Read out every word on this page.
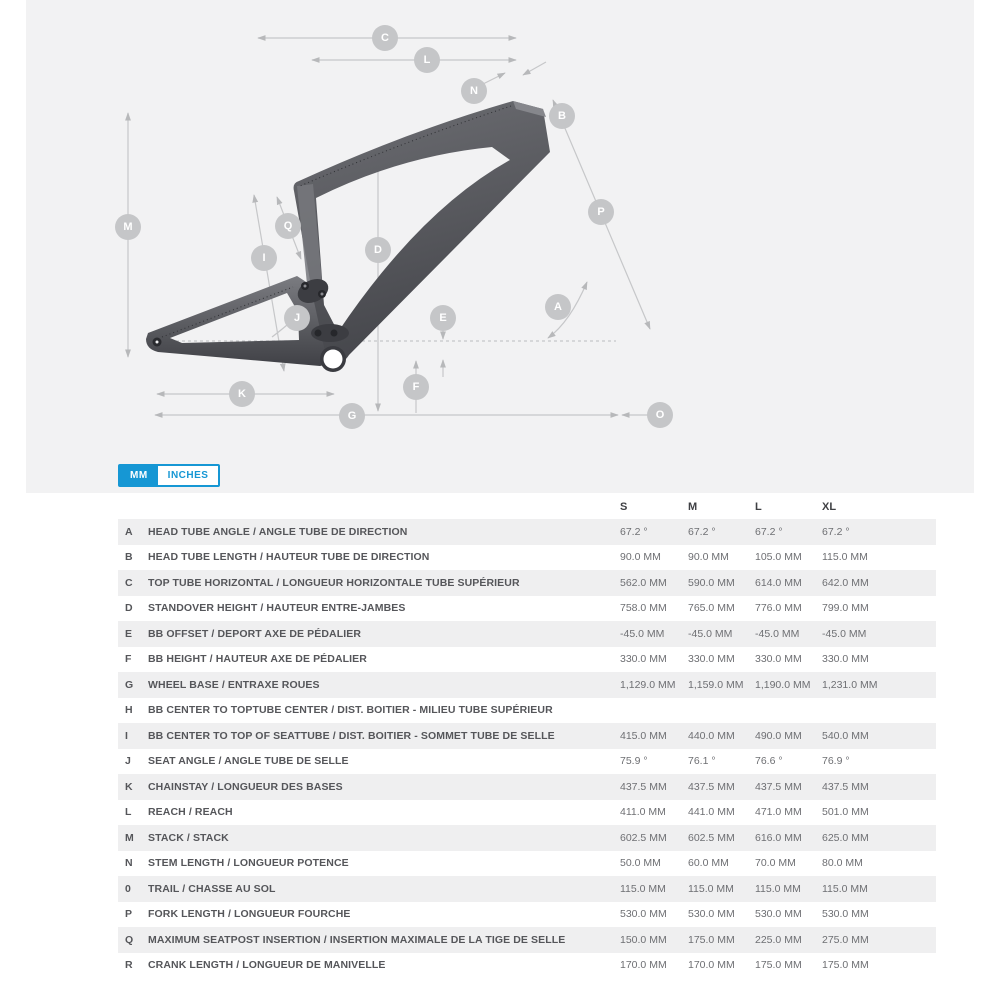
C
L
N
B
P
M	Q
D
I
A
J	E
F
K
G	O
MM	INCHES
S	M	L	XL
A	HEAD TUBE ANGLE / ANGLE TUBE DE DIRECTION	67.2 °	67.2 °	67.2 °	67.2 °
B	HEAD TUBE LENGTH / HAUTEUR TUBE DE DIRECTION	90.0 MM	90.0 MM	105.0 MM	115.0 MM
C	TOP TUBE HORIZONTAL / LONGUEUR HORIZONTALE TUBE SUPÉRIEUR	562.0 MM	590.0 MM	614.0 MM	642.0 MM
D	STANDOVER HEIGHT / HAUTEUR ENTRE-JAMBES	758.0 MM	765.0 MM	776.0 MM	799.0 MM
E	BB OFFSET / DEPORT AXE DE PÉDALIER	-45.0 MM	-45.0 MM	-45.0 MM	-45.0 MM
F	BB HEIGHT / HAUTEUR AXE DE PÉDALIER	330.0 MM	330.0 MM	330.0 MM	330.0 MM
G	WHEEL BASE / ENTRAXE ROUES	1,129.0 MM	1,159.0 MM	1,190.0 MM	1,231.0 MM
H	BB CENTER TO TOPTUBE CENTER / DIST. BOITIER - MILIEU TUBE SUPÉRIEUR
I	BB CENTER TO TOP OF SEATTUBE / DIST. BOITIER - SOMMET TUBE DE SELLE	415.0 MM	440.0 MM	490.0 MM	540.0 MM
J	SEAT ANGLE / ANGLE TUBE DE SELLE	75.9 °	76.1 °	76.6 °	76.9 °
K	CHAINSTAY / LONGUEUR DES BASES	437.5 MM	437.5 MM	437.5 MM	437.5 MM
L	REACH / REACH	411.0 MM	441.0 MM	471.0 MM	501.0 MM
M	STACK / STACK	602.5 MM	602.5 MM	616.0 MM	625.0 MM
N	STEM LENGTH / LONGUEUR POTENCE	50.0 MM	60.0 MM	70.0 MM	80.0 MM
0	TRAIL / CHASSE AU SOL	115.0 MM	115.0 MM	115.0 MM	115.0 MM
P	FORK LENGTH / LONGUEUR FOURCHE	530.0 MM	530.0 MM	530.0 MM	530.0 MM
Q	MAXIMUM SEATPOST INSERTION / INSERTION MAXIMALE DE LA TIGE DE SELLE	150.0 MM	175.0 MM	225.0 MM	275.0 MM
R	CRANK LENGTH / LONGUEUR DE MANIVELLE	170.0 MM	170.0 MM	175.0 MM	175.0 MM
